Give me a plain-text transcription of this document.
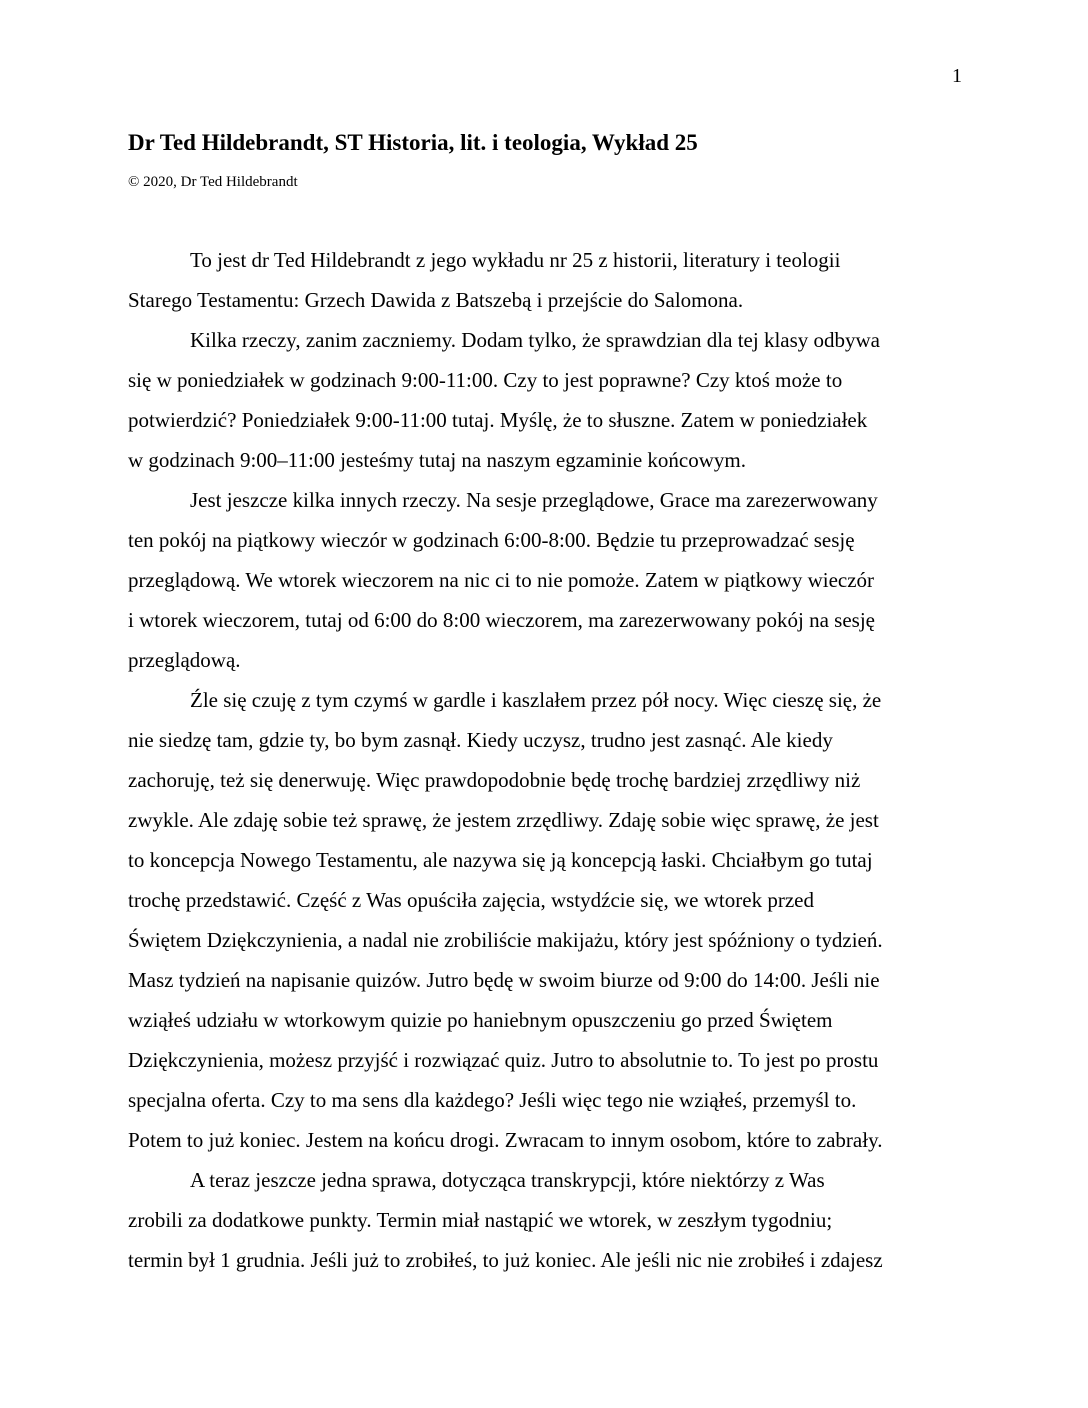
1
Dr Ted Hildebrandt, ST Historia, lit. i teologia, Wykład 25
© 2020, Dr Ted Hildebrandt
To jest dr Ted Hildebrandt z jego wykładu nr 25 z historii, literatury i teologii
Starego Testamentu: Grzech Dawida z Batszebą i przejście do Salomona.
Kilka rzeczy, zanim zaczniemy. Dodam tylko, że sprawdzian dla tej klasy odbywa
się w poniedziałek w godzinach 9:00-11:00. Czy to jest poprawne? Czy ktoś może to
potwierdzić? Poniedziałek 9:00-11:00 tutaj. Myślę, że to słuszne. Zatem w poniedziałek
w godzinach 9:00–11:00 jesteśmy tutaj na naszym egzaminie końcowym.
Jest jeszcze kilka innych rzeczy. Na sesje przeglądowe, Grace ma zarezerwowany
ten pokój na piątkowy wieczór w godzinach 6:00-8:00. Będzie tu przeprowadzać sesję
przeglądową. We wtorek wieczorem na nic ci to nie pomoże. Zatem w piątkowy wieczór
i wtorek wieczorem, tutaj od 6:00 do 8:00 wieczorem, ma zarezerwowany pokój na sesję
przeglądową.
Źle się czuję z tym czymś w gardle i kaszlałem przez pół nocy. Więc cieszę się, że
nie siedzę tam, gdzie ty, bo bym zasnął. Kiedy uczysz, trudno jest zasnąć. Ale kiedy
zachoruję, też się denerwuję. Więc prawdopodobnie będę trochę bardziej zrzędliwy niż
zwykle. Ale zdaję sobie też sprawę, że jestem zrzędliwy. Zdaję sobie więc sprawę, że jest
to koncepcja Nowego Testamentu, ale nazywa się ją koncepcją łaski. Chciałbym go tutaj
trochę przedstawić. Część z Was opuściła zajęcia, wstydźcie się, we wtorek przed
Świętem Dziękczynienia, a nadal nie zrobiliście makijażu, który jest spóźniony o tydzień.
Masz tydzień na napisanie quizów. Jutro będę w swoim biurze od 9:00 do 14:00. Jeśli nie
wziąłeś udziału w wtorkowym quizie po haniebnym opuszczeniu go przed Świętem
Dziękczynienia, możesz przyjść i rozwiązać quiz. Jutro to absolutnie to. To jest po prostu
specjalna oferta. Czy to ma sens dla każdego? Jeśli więc tego nie wziąłeś, przemyśl to.
Potem to już koniec. Jestem na końcu drogi. Zwracam to innym osobom, które to zabrały.
A teraz jeszcze jedna sprawa, dotycząca transkrypcji, które niektórzy z Was
zrobili za dodatkowe punkty. Termin miał nastąpić we wtorek, w zeszłym tygodniu;
termin był 1 grudnia. Jeśli już to zrobiłeś, to już koniec. Ale jeśli nic nie zrobiłeś i zdajesz
